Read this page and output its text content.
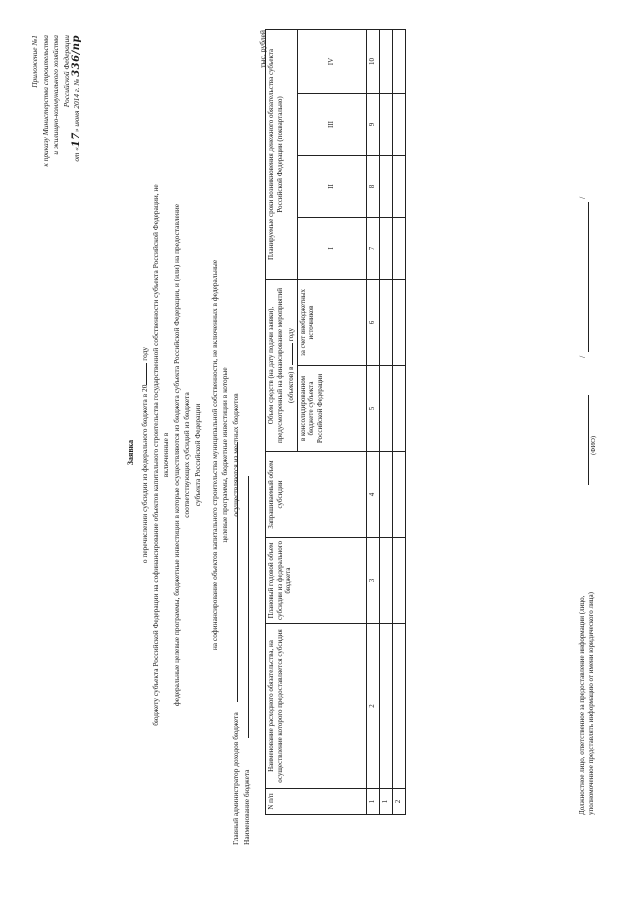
Приложение №1 к приказу Министерства строительства и жилищно-коммунального хозяйства Российской Федерации
от «17» июня 2014 г. № 336/пр
Заявка о перечислении субсидии из федерального бюджета в 20 году бюджету субъекта Российской Федерации на софинансирование объектов капитального строительства государственной собственности субъекта Российской Федерации, не включенные в федеральные целевые программы, бюджетные инвестиции в которые осуществляются из бюджета субъекта Российской Федерации, и (или) на предоставление соответствующих субсидий из бюджета субъекта Российской Федерации на софинансирование объектов капитального строительства муниципальной собственности, не включенных в федеральные целевые программы, бюджетные инвестиции в которые осуществляются из местных бюджетов
Главный администратор доходов бюджета Наименование бюджета
тыс. рублей
N п/п	Наименование расходного обязательства, на осуществление которого предоставляется субсидия	Плановый годовой объем субсидии из федерального бюджета	Запрашиваемый объем субсидии	Объем средств (на дату подачи заявки), предусмотренный на финансирование мероприятий (объектов) в  году		Планируемые сроки возникновения денежного обязательства субъекта Российской Федерации (поквартально)			
				в консолидированном бюджете субъекта Российской Федерации	за счет внебюджетных источников	I	II	III	IV
1	2	3	4	5	6	7	8	9	10
1									
2										Должностное лицо, ответственное за предоставление информации (лицо, уполномоченное представлять информацию от имени юридического лица)
(ФИО)
/
/
